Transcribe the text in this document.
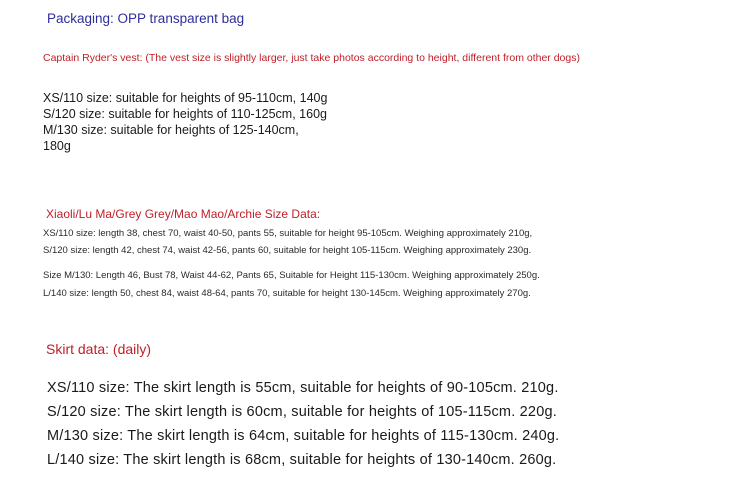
Packaging: OPP transparent bag

Captain Ryder's vest: (The vest size is slightly larger, just take photos according to height, different from other dogs)

XS/110 size: suitable for heights of 95-110cm, 140g

S/120 size: suitable for heights of 110-125cm, 160g

M/130 size: suitable for heights of 125-140cm,

180g

Xiaoli/Lu Ma/Grey Grey/Mao Mao/Archie Size Data:

XS/110 size: length 38, chest 70, waist 40-50, pants 55, suitable for height 95-105cm. Weighing approximately 210g,

S/120 size: length 42, chest 74, waist 42-56, pants 60, suitable for height 105-115cm. Weighing approximately 230g.

Size M/130: Length 46, Bust 78, Waist 44-62, Pants 65, Suitable for Height 115-130cm. Weighing approximately 250g.

L/140 size: length 50, chest 84, waist 48-64, pants 70, suitable for height 130-145cm. Weighing approximately 270g.

Skirt data: (daily)

XS/110 size: The skirt length is 55cm, suitable for heights of 90-105cm. 210g.

S/120 size: The skirt length is 60cm, suitable for heights of 105-115cm. 220g.

M/130 size: The skirt length is 64cm, suitable for heights of 115-130cm. 240g.

L/140 size: The skirt length is 68cm, suitable for heights of 130-140cm. 260g.
